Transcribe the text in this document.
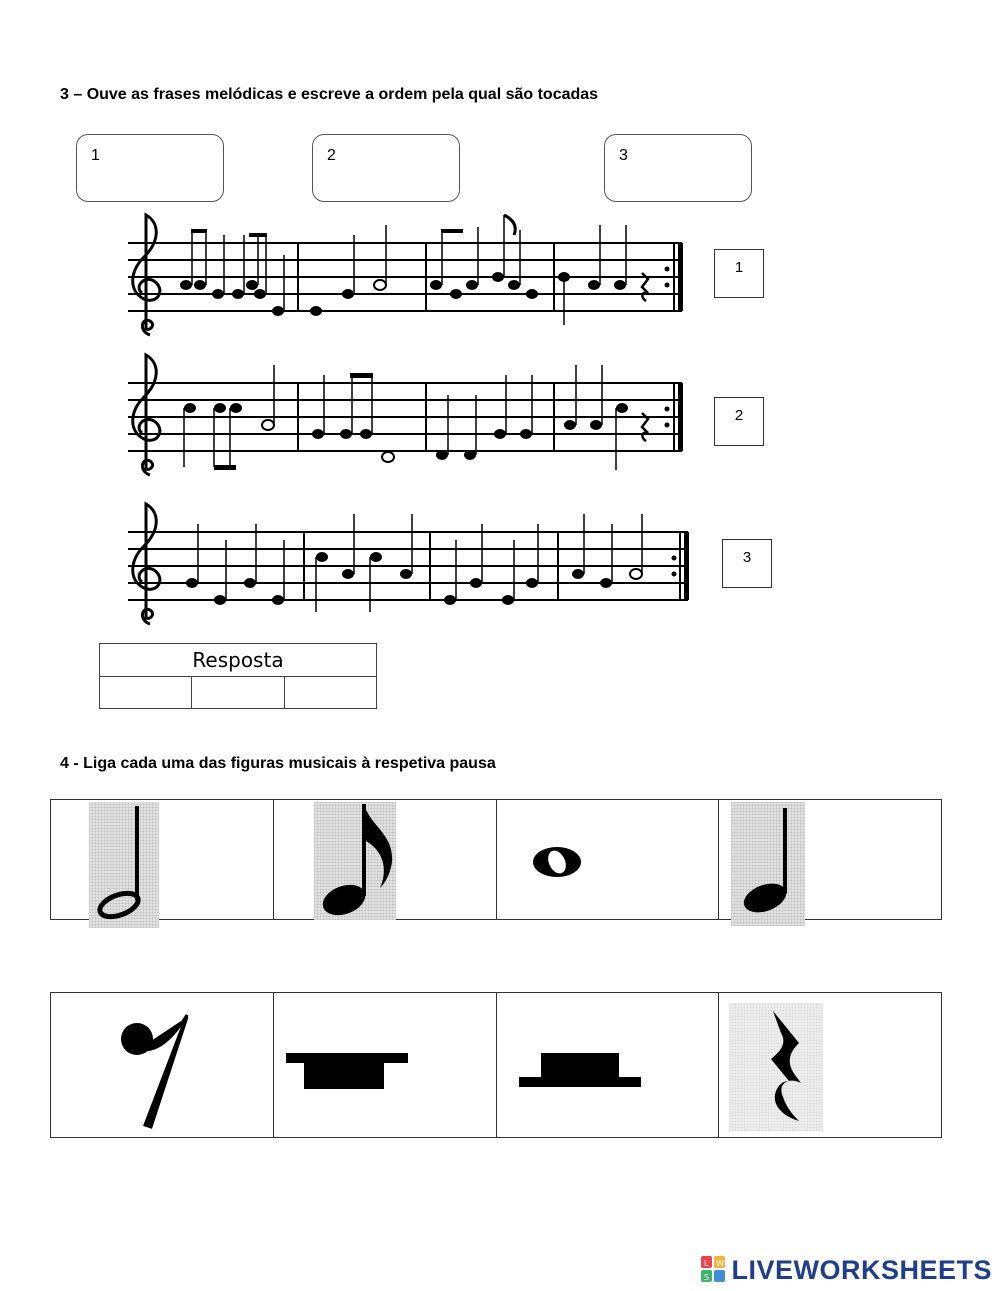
3 – Ouve as frases melódicas e escreve a ordem pela qual são tocadas
1	2	3
1
2
3
Resposta

4 - Liga cada uma das figuras musicais à respetiva pausa
L W
S LIVEWORKSHEETS
